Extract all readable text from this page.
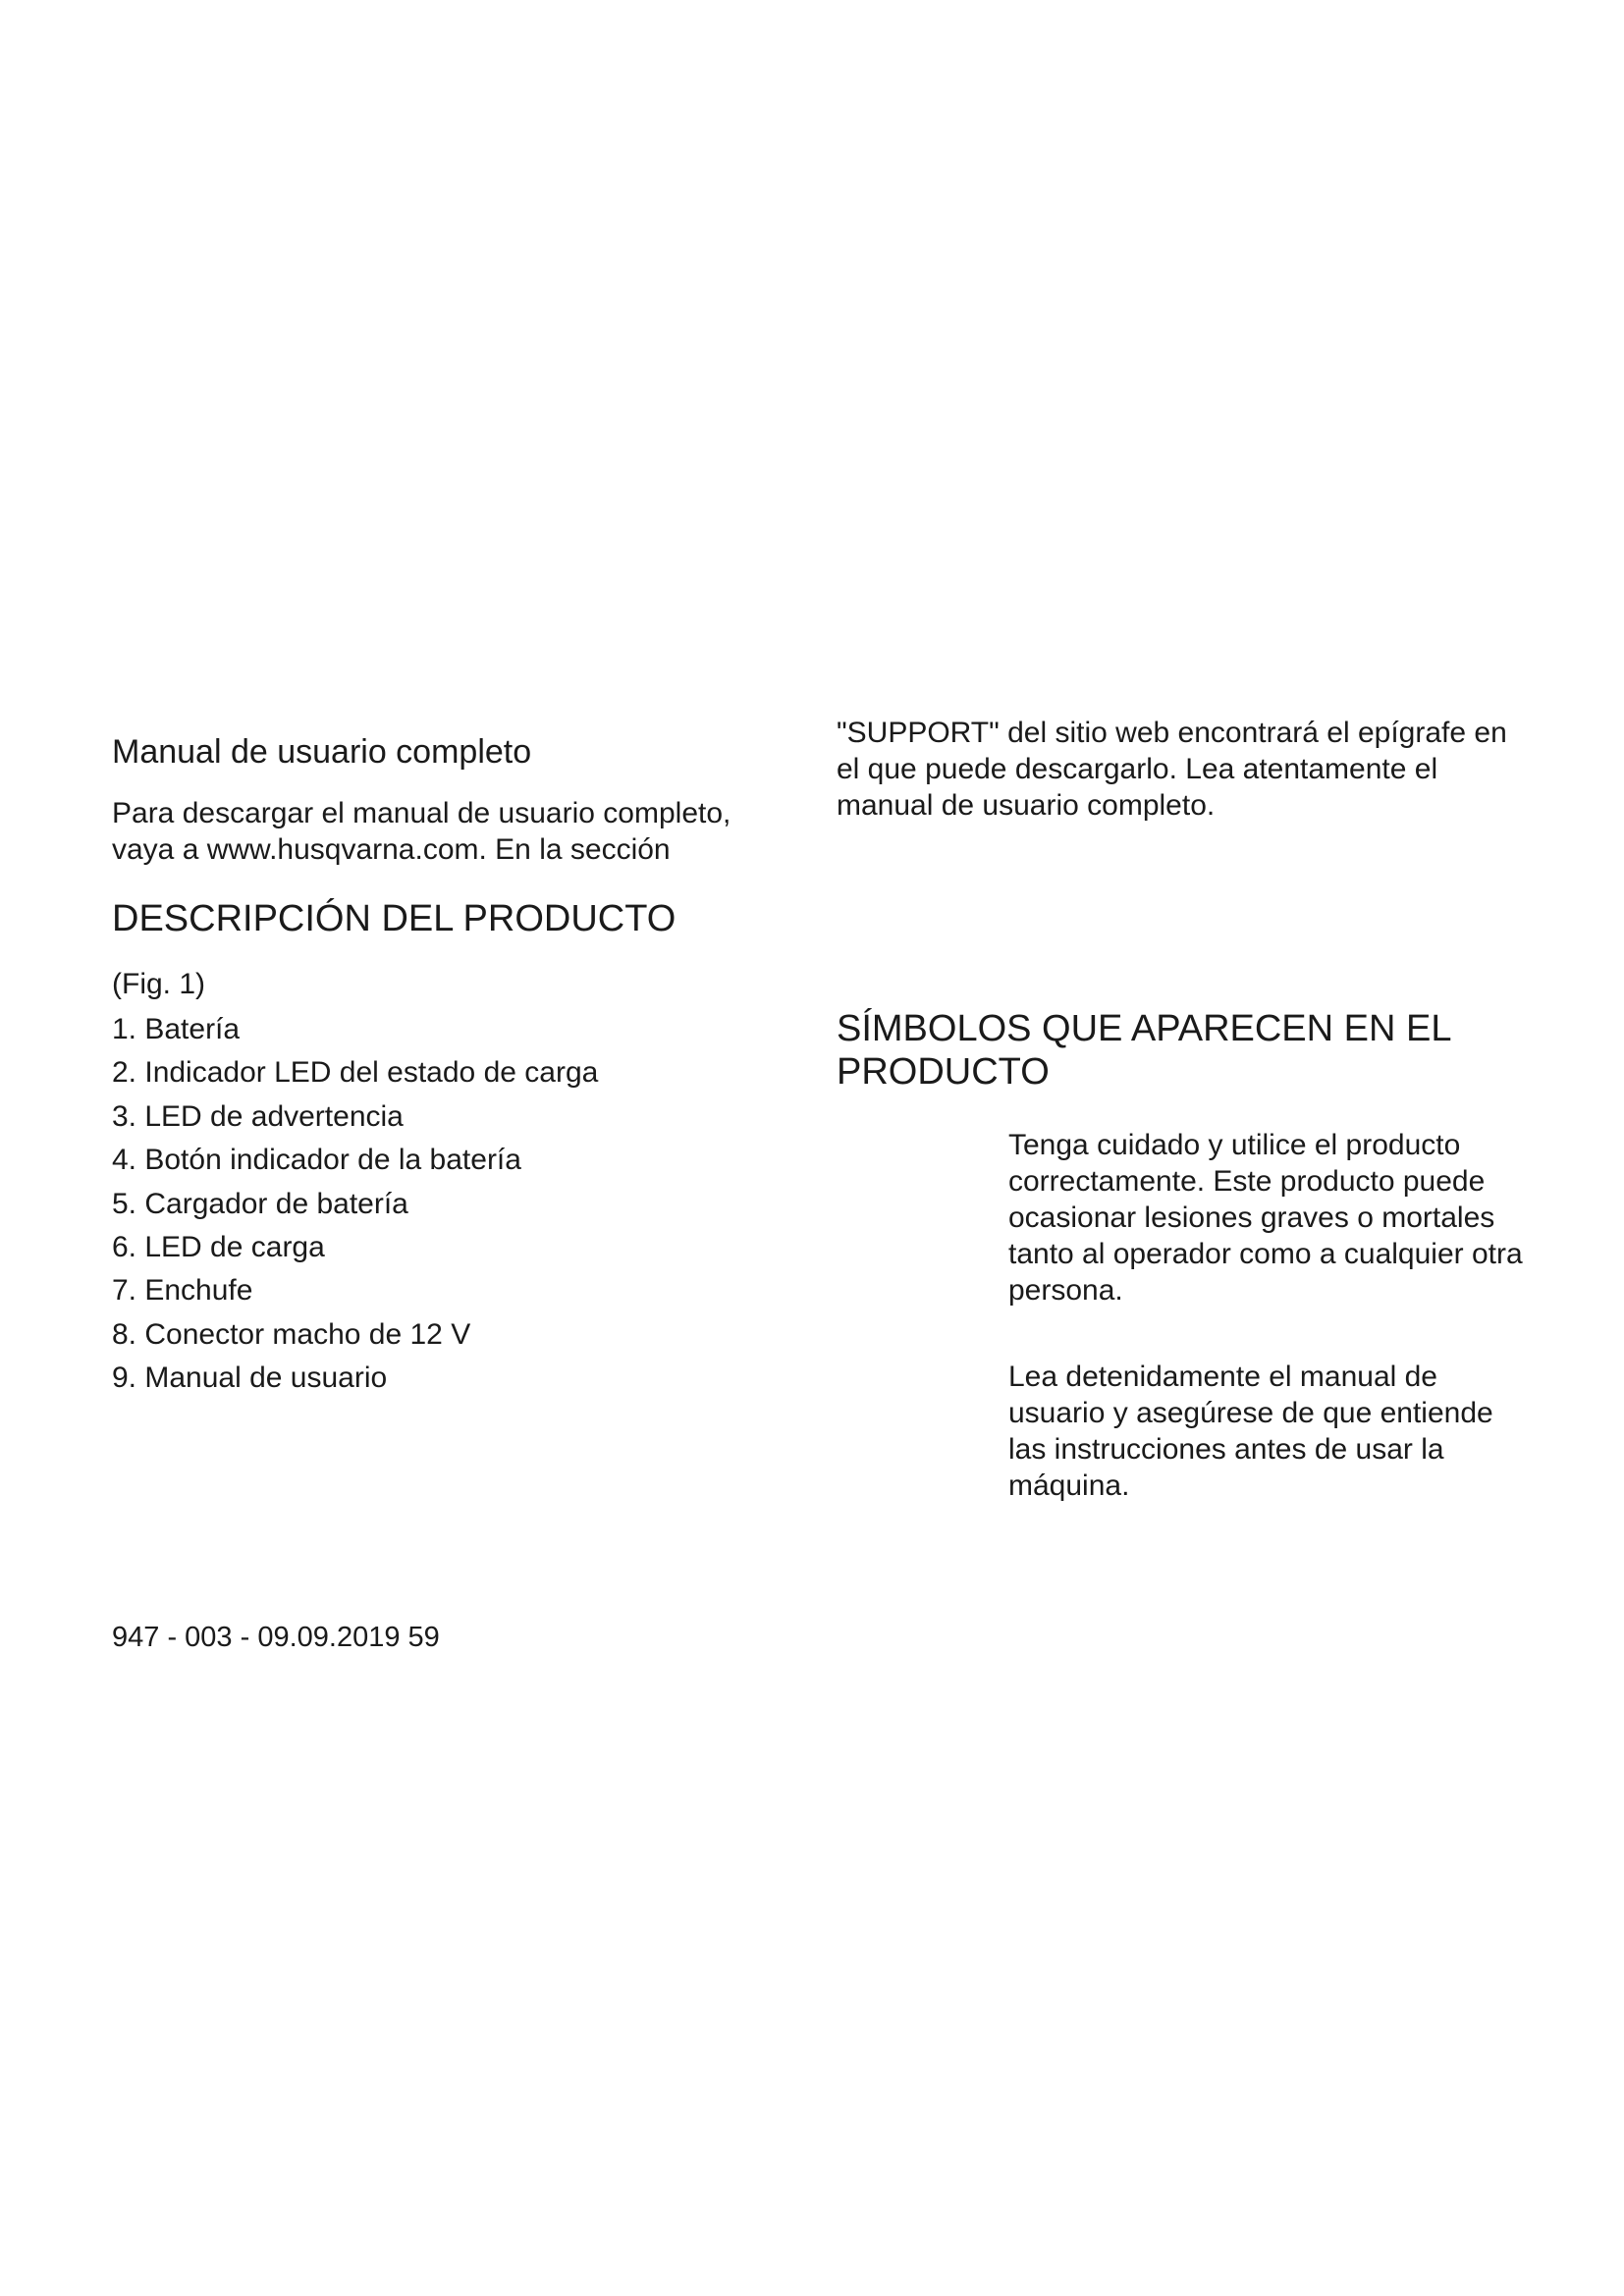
Manual de usuario completo

Para descargar el manual de usuario completo, vaya a www.husqvarna.com. En la sección

DESCRIPCIÓN DEL PRODUCTO

(Fig. 1)

1. Batería
2. Indicador LED del estado de carga
3. LED de advertencia
4. Botón indicador de la batería
5. Cargador de batería
6. LED de carga
7. Enchufe
8. Conector macho de 12 V
9. Manual de usuario

"SUPPORT" del sitio web encontrará el epígrafe en el que puede descargarlo. Lea atentamente el manual de usuario completo.

SÍMBOLOS QUE APARECEN EN EL PRODUCTO

Tenga cuidado y utilice el producto correctamente. Este producto puede ocasionar lesiones graves o mortales tanto al operador como a cualquier otra persona.

Lea detenidamente el manual de usuario y asegúrese de que entiende las instrucciones antes de usar la máquina.

947 - 003 - 09.09.2019 59
